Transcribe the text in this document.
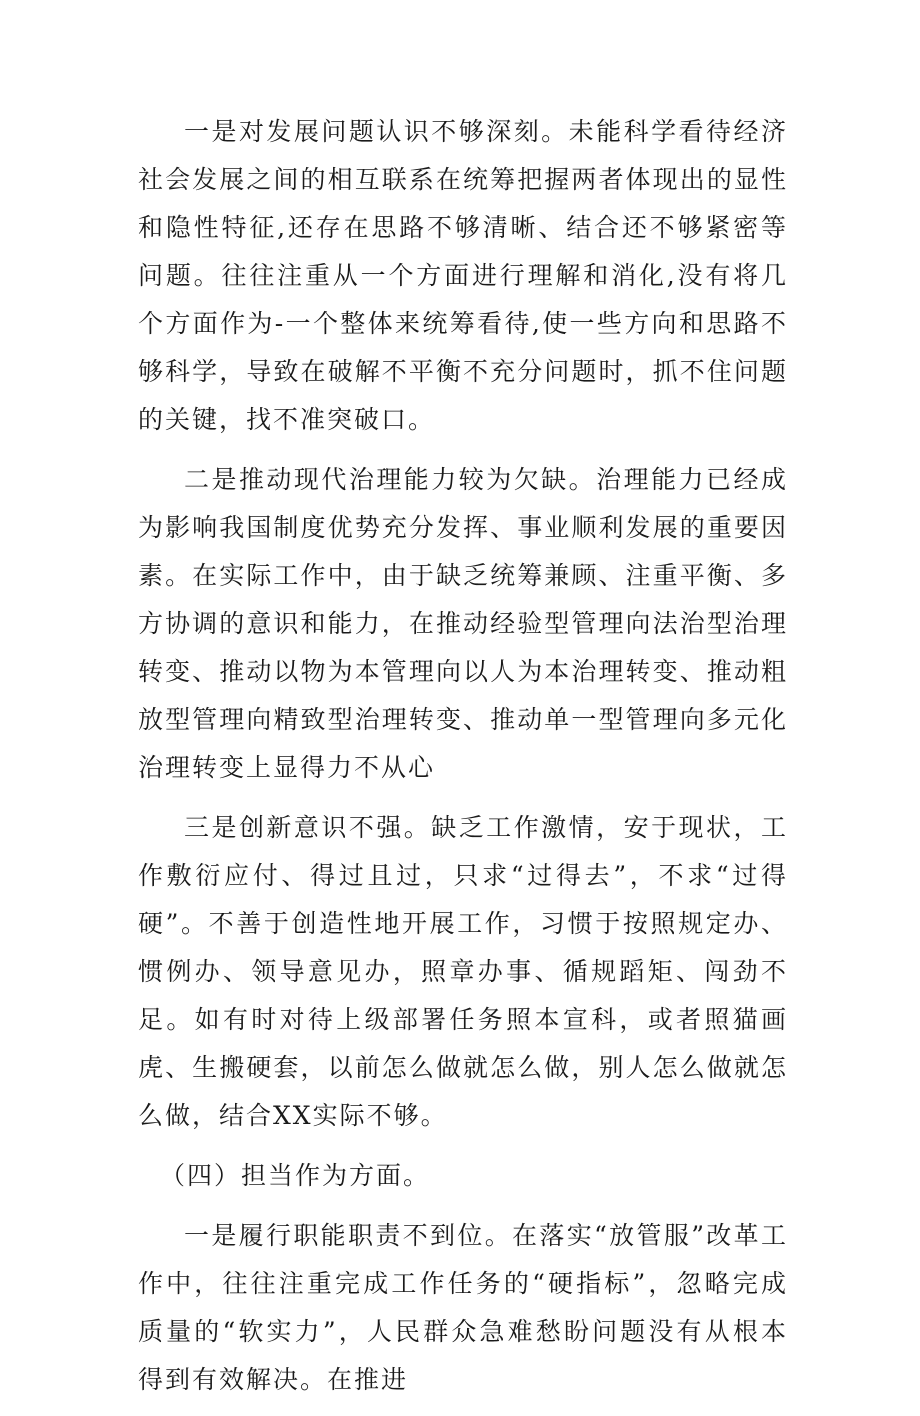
一是对发展问题认识不够深刻。未能科学看待经济社会发展之间的相互联系在统筹把握两者体现出的显性和隐性特征,还存在思路不够清晰、结合还不够紧密等问题。往往注重从一个方面进行理解和消化,没有将几个方面作为-一个整体来统筹看待,使一些方向和思路不够科学，导致在破解不平衡不充分问题时，抓不住问题的关键，找不准突破口。

二是推动现代治理能力较为欠缺。治理能力已经成为影响我国制度优势充分发挥、事业顺利发展的重要因素。在实际工作中，由于缺乏统筹兼顾、注重平衡、多方协调的意识和能力，在推动经验型管理向法治型治理转变、推动以物为本管理向以人为本治理转变、推动粗放型管理向精致型治理转变、推动单一型管理向多元化治理转变上显得力不从心

三是创新意识不强。缺乏工作激情，安于现状，工作敷衍应付、得过且过，只求“过得去”，不求“过得硬”。不善于创造性地开展工作，习惯于按照规定办、惯例办、领导意见办，照章办事、循规蹈矩、闯劲不足。如有时对待上级部署任务照本宣科，或者照猫画虎、生搬硬套，以前怎么做就怎么做，别人怎么做就怎么做，结合XX实际不够。

（四）担当作为方面。

一是履行职能职责不到位。在落实“放管服”改革工作中，往往注重完成工作任务的“硬指标”，忽略完成质量的“软实力”，人民群众急难愁盼问题没有从根本得到有效解决。在推进
